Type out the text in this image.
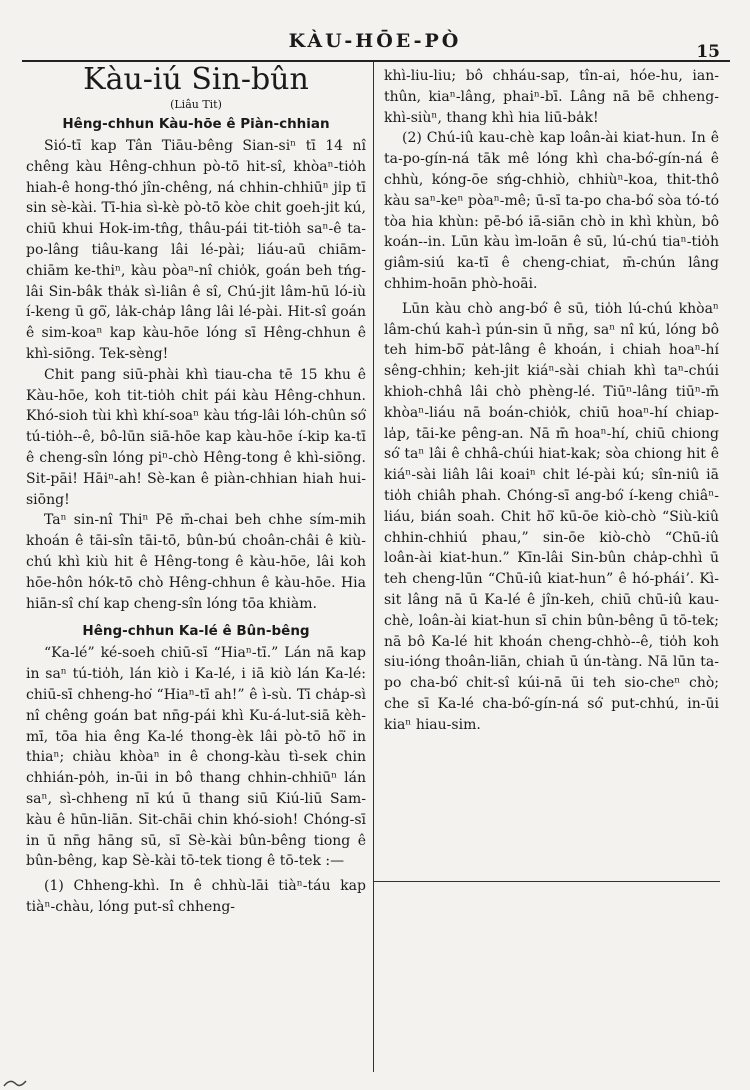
KÀU-HŌE-PÒ	15
Kàu-iú Sin-bûn
(Liâu Tit)
Hêng-chhun Kàu-hōe ê Piàn-chhian

Sió-tī kap Tân Tiāu-bêng Sian-siⁿ tī 14 nî chêng kàu Hêng-chhun pò-tō hit-sî, khòaⁿ-tio̍h hiah-ê hong-thó jîn-chêng, ná chhin-chhiūⁿ ji̍p tī sin sè-kài. Tī-hia sì-kè pò-tō kòe chi̍t goeh-ji̍t kú, chiū khui Hok-im-tn̂g, thâu-pái tit-tio̍h saⁿ-ê ta-po-lâng tiâu-kang lâi lé-pài; liáu-aū chiām-chiām ke-thiⁿ, kàu pòaⁿ-nî chio̍k, goán beh tńg-lâi Sin-bâk tha̍k sì-liân ê sî, Chú-ji̍t lâm-hū ló-iù í-keng ū gō͘, la̍k-cha̍p lâng lâi lé-pài. Hit-sî goán ê sim-koaⁿ kap kàu-hōe lóng sī Hêng-chhun ê khì-siōng. Tek-sèng!

Chit pang siū-phài khì tiau-cha tē 15 khu ê Kàu-hōe, koh tit-tio̍h chi̍t pái kàu Hêng-chhun. Khó-sioh tùi khì khí-soaⁿ kàu tńg-lâi lóh-chûn só͘ tú-tio̍h--ê, bô-lūn siā-hōe kap kàu-hōe í-kip ka-tī ê cheng-sîn lóng piⁿ-chò Hêng-tong ê khì-siōng. Sit-pāi! Hāiⁿ-ah! Sè-kan ê piàn-chhian hiah hui-siōng!

Taⁿ sin-nî Thiⁿ Pē m̄-chai beh chhe sím-mih khoán ê tāi-sîn tāi-tō, bûn-bú choân-châi ê kiù-chú khì kiù hit ê Hêng-tong ê kàu-hōe, lâi koh hōe-hôn hók-tō chò Hêng-chhun ê kàu-hōe. Hia hiān-sî chí kap cheng-sîn lóng tōa khiàm.

Hêng-chhun Ka-lé ê Bûn-bêng

“Ka-lé” ké-soeh chiū-sī “Hiaⁿ-tī.” Lán nā kap in saⁿ tú-tio̍h, lán kiò i Ka-lé, i iā kiò lán Ka-lé: chiū-sī chheng-ho͘ “Hiaⁿ-tī ah!” ê ì-sù. Tī cha̍p-sì nî chêng goán bat nn̄g-pái khì Ku-á-lut-siā kèh-mī, tōa hia êng Ka-lé thong-èk lâi pò-tō hō͘ in thiaⁿ; chiàu khòaⁿ in ê chong-kàu tì-sek chin chhián-po̍h, in-ūi in bô thang chhin-chhiūⁿ lán saⁿ, sì-chheng nī kú ū thang siū Kiú-liū Sam-kàu ê hūn-liān. Sit-chāi chin khó-sioh! Chóng-sī in ū nn̄g hāng sū, sī Sè-kài bûn-bêng tiong ê bûn-bêng, kap Sè-kài tō-tek tiong ê tō-tek :—

(1) Chheng-khì. In ê chhù-lāi tiàⁿ-táu kap tiàⁿ-chàu, lóng put-sî chheng-

khì-liu-liu; bô chháu-sap, tîn-ai, hóe-hu, ian-thûn, kiaⁿ-lâng, phaiⁿ-bī. Lâng nā bē chheng-khì-siùⁿ, thang khì hia liū-ba̍k!

(2) Chú-iû kau-chè kap loân-ài kiat-hun. In ê ta-po-gín-ná tāk mê lóng khì cha-bó͘-gín-ná ê chhù, kóng-ōe sńg-chhiò, chhiùⁿ-koa, thit-thô kàu saⁿ-keⁿ pòaⁿ-mê; ū-sī ta-po cha-bó͘ sòa tó-tó tòa hia khùn: pē-bó iā-siān chò in khì khùn, bô koán--in. Lūn kàu ìm-loān ê sū, lú-chú tiaⁿ-tio̍h giâm-siú ka-tī ê cheng-chiat, m̄-chún lâng chhim-hoān phò-hoāi.

Lūn kàu chò ang-bó͘ ê sū, tio̍h lú-chú khòaⁿ lâm-chú kah-ì pún-sin ū nn̄g, saⁿ nî kú, lóng bô teh him-bō͘ pa̍t-lâng ê khoán, i chiah hoaⁿ-hí sêng-chhin; keh-ji̍t kiáⁿ-sài chiah khì taⁿ-chúi khioh-chhâ lâi chò phèng-lé. Tiūⁿ-lâng tiūⁿ-m̄ khòaⁿ-liáu nā boán-chio̍k, chiū hoaⁿ-hí chiap-la̍p, tāi-ke pêng-an. Nā m̄ hoaⁿ-hí, chiū chiong só͘ taⁿ lâi ê chhâ-chúi hiat-kak; sòa chiong hit ê kiáⁿ-sài liâh lâi koaiⁿ chi̍t lé-pài kú; sîn-niû iā tio̍h chiâh phah. Chóng-sī ang-bó͘ í-keng chiâⁿ-liáu, bián soah. Chit hō͘ kū-ōe kiò-chò “Siù-kiû chhin-chhiú phau,” sin-ōe kiò-chò “Chū-iû loân-ài kiat-hun.” Kīn-lâi Sin-bûn cha̍p-chhì ū teh cheng-lūn “Chū-iû kiat-hun” ê hó-pháiʼ. Kì-sit lâng nā ū Ka-lé ê jîn-keh, chiū chū-iû kau-chè, loân-ài kiat-hun sī chin bûn-bêng ū tō-tek; nā bô Ka-lé hit khoán cheng-chhò--ê, tio̍h koh siu-ióng thoân-liān, chiah ū ún-tàng. Nā lūn ta-po cha-bó͘ chi̍t-sî kúi-nā ūi teh sio-cheⁿ chò; che sī Ka-lé cha-bó͘-gín-ná só͘ put-chhú, in-ūi kiaⁿ hiau-sim.
